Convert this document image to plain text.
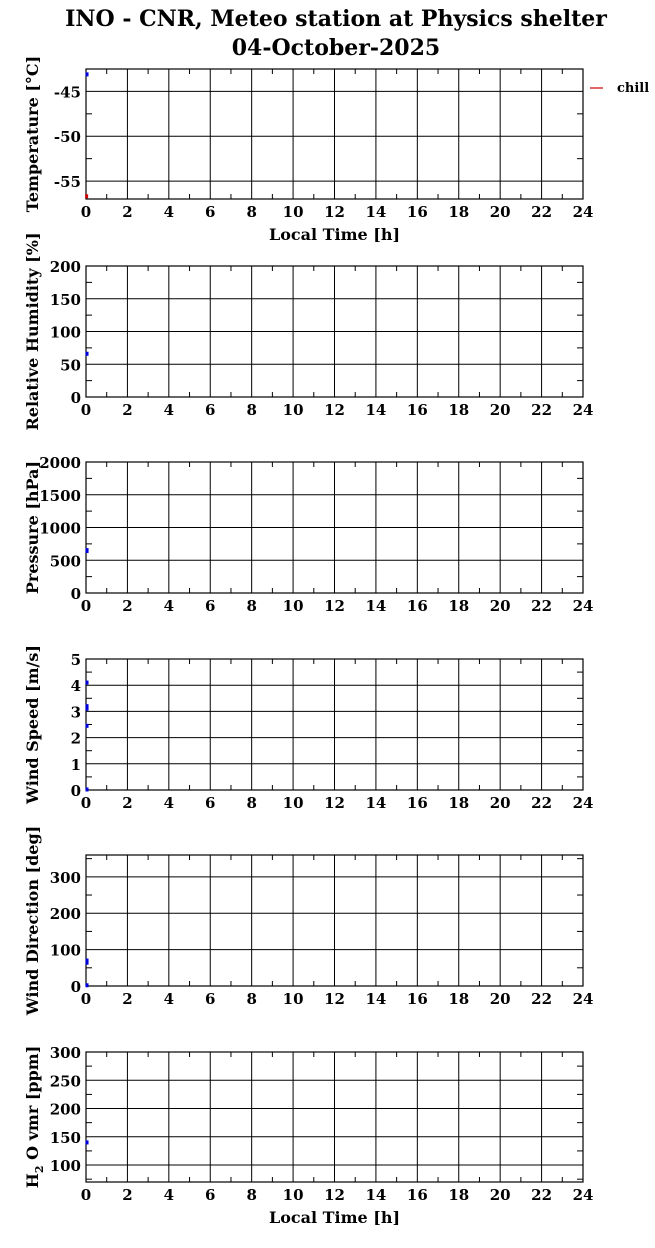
INO - CNR, Meteo station at Physics shelter
04-October-2025
0 2 4 6 8 10 12 14 16 18 20 22 24
-55
-50
-45
Temperature [°C]
Local Time [h]
chill
0 2 4 6 8 10 12 14 16 18 20 22 24
0
50
100
150
200
Relative Humidity [%]
0 2 4 6 8 10 12 14 16 18 20 22 24
0
500
1000
1500
2000
Pressure [hPa]
0 2 4 6 8 10 12 14 16 18 20 22 24
0
1
2
3
4
5
Wind Speed [m/s]
0 2 4 6 8 10 12 14 16 18 20 22 24
0
100
200
300
Wind Direction [deg]
0 2 4 6 8 10 12 14 16 18 20 22 24
100
150
200
250
300
$H_2$ O vmr [ppm]
Local Time [h]
